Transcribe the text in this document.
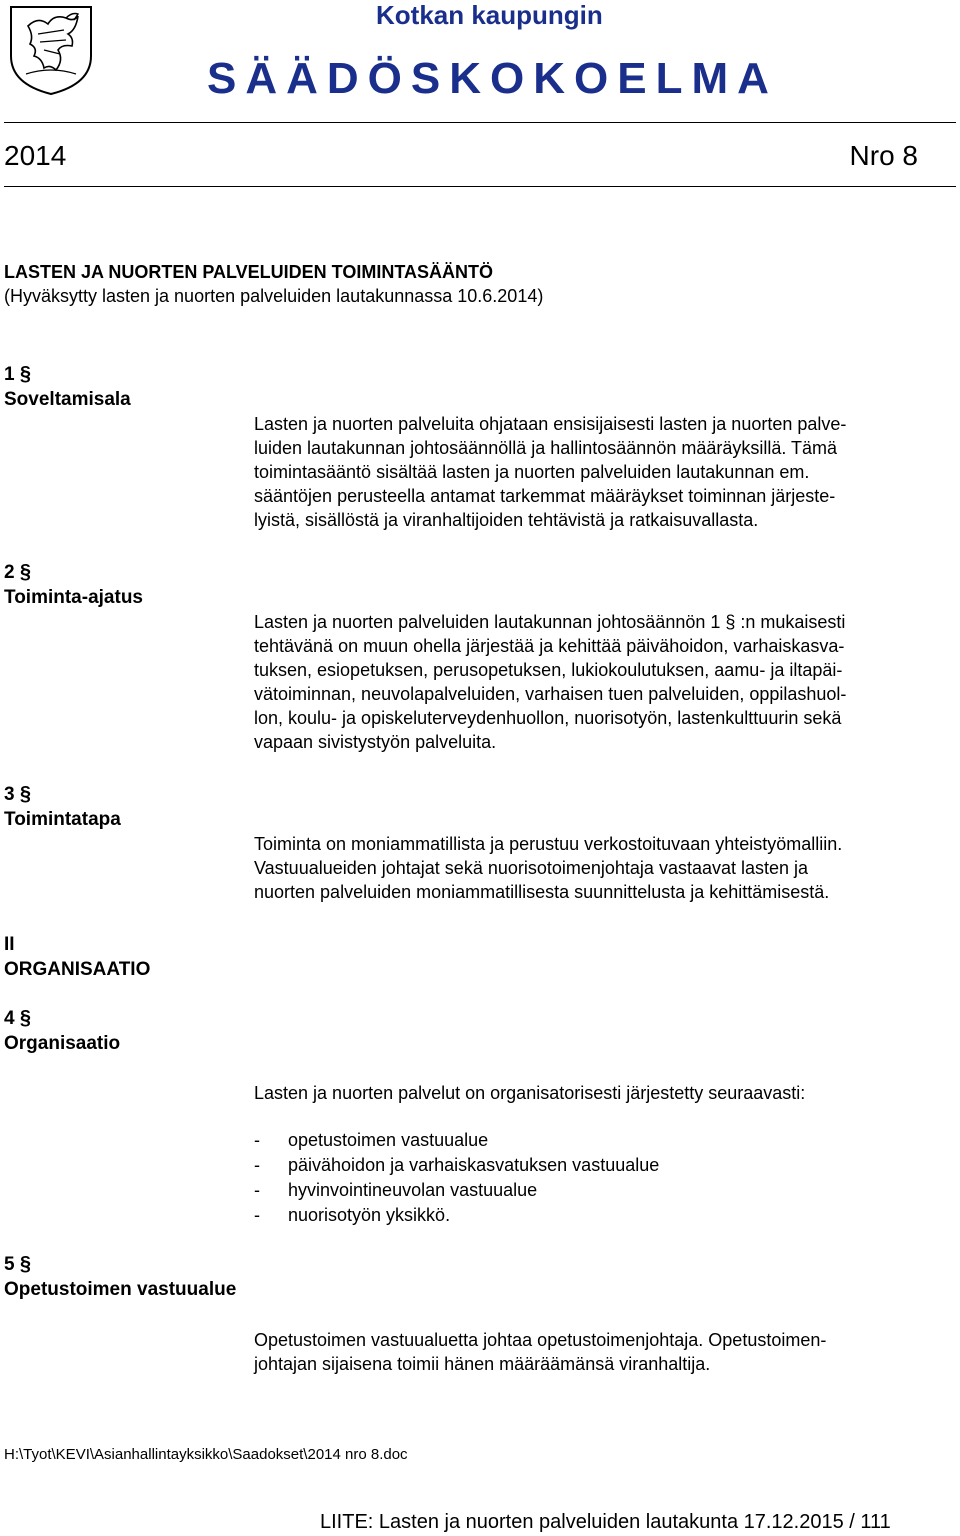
Kotkan kaupungin
SÄÄDÖSKOKOELMA
2014	Nro 8
LASTEN JA NUORTEN PALVELUIDEN TOIMINTASÄÄNTÖ
(Hyväksytty lasten ja nuorten palveluiden lautakunnassa 10.6.2014)
1 §
Soveltamisala
Lasten ja nuorten palveluita ohjataan ensisijaisesti lasten ja nuorten palve-
luiden lautakunnan johtosäännöllä ja hallintosäännön määräyksillä. Tämä
toimintasääntö sisältää lasten ja nuorten palveluiden lautakunnan em.
sääntöjen perusteella antamat tarkemmat määräykset toiminnan järjeste-
lyistä, sisällöstä ja viranhaltijoiden tehtävistä ja ratkaisuvallasta.
2 §
Toiminta-ajatus
Lasten ja nuorten palveluiden lautakunnan johtosäännön 1 § :n mukaisesti
tehtävänä on muun ohella järjestää ja kehittää päivähoidon, varhaiskasva-
tuksen, esiopetuksen, perusopetuksen, lukiokoulutuksen, aamu- ja iltapäi-
vätoiminnan, neuvolapalveluiden, varhaisen tuen palveluiden, oppilashuol-
lon, koulu- ja opiskeluterveydenhuollon, nuorisotyön, lastenkulttuurin sekä
vapaan sivistystyön palveluita.
3 §
Toimintatapa
Toiminta on moniammatillista ja perustuu verkostoituvaan yhteistyömalliin.
Vastuualueiden johtajat sekä nuorisotoimenjohtaja vastaavat lasten ja
nuorten palveluiden moniammatillisesta suunnittelusta ja kehittämisestä.
II
ORGANISAATIO
4 §
Organisaatio
Lasten ja nuorten palvelut on organisatorisesti järjestetty seuraavasti:
- opetustoimen vastuualue
- päivähoidon ja varhaiskasvatuksen vastuualue
- hyvinvointineuvolan vastuualue
- nuorisotyön yksikkö.
5 §
Opetustoimen vastuualue
Opetustoimen vastuualuetta johtaa opetustoimenjohtaja. Opetustoimen-
johtajan sijaisena toimii hänen määräämänsä viranhaltija.
H:\Tyot\KEVI\Asianhallintayksikko\Saadokset\2014 nro 8.doc
LIITE: Lasten ja nuorten palveluiden lautakunta 17.12.2015 / 111
